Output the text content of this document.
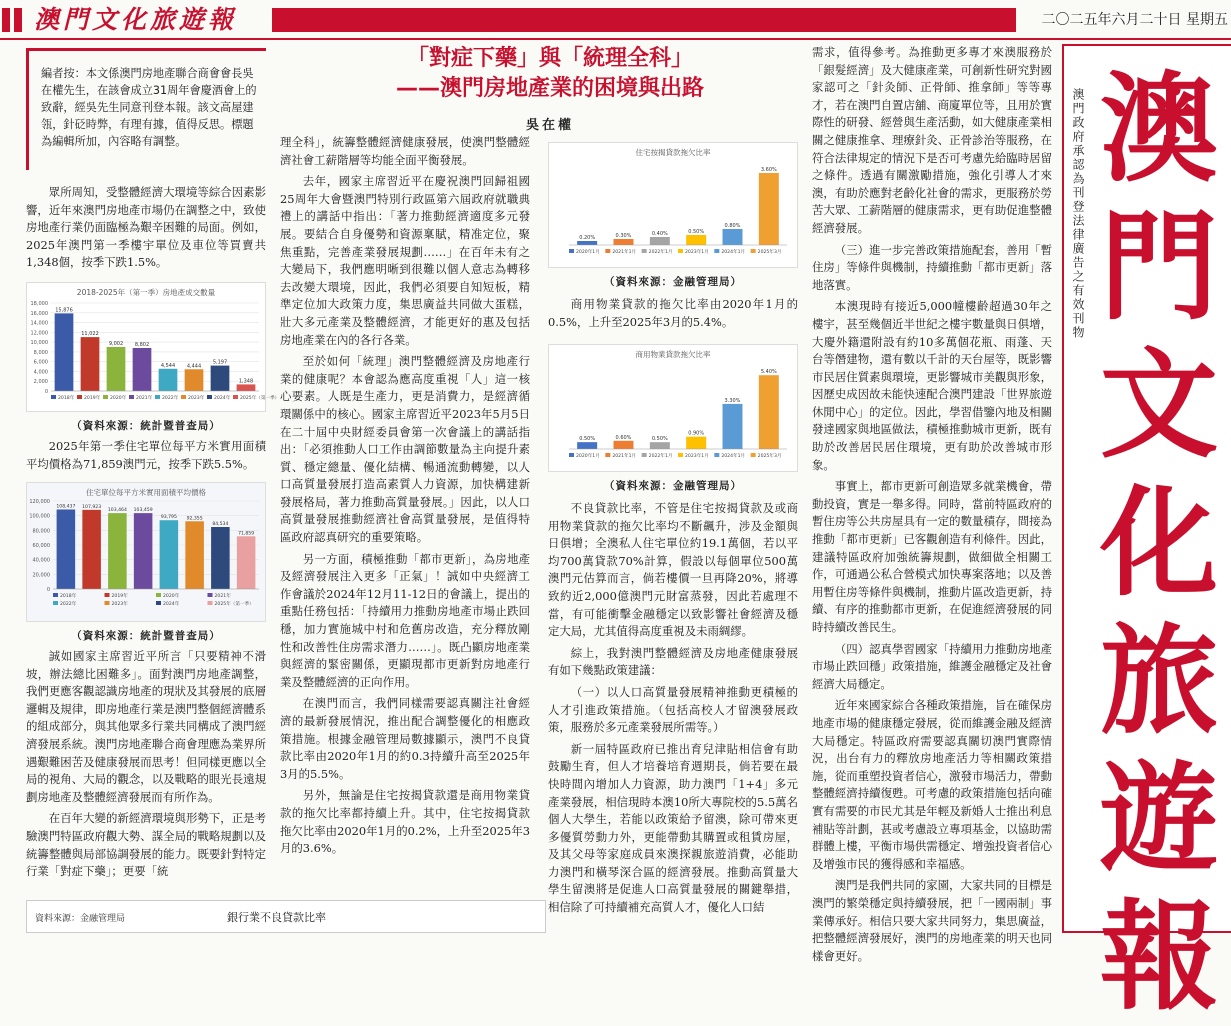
澳門文化旅遊報	二〇二五年六月二十日 星期五
編者按：本文係澳門房地產聯合商會會長吳在權先生，在該會成立31周年會慶酒會上的致辭，經吳先生同意刊登本報。該文高屋建瓴，針砭時弊，有理有據，值得反思。標題為編輯所加，內容略有調整。
「對症下藥」與「統理全科」
——澳門房地產業的困境與出路
吳在權

眾所周知，受整體經濟大環境等綜合因素影響，近年來澳門房地產市場仍在調整之中，致使房地產行業仍面臨極為艱辛困難的局面。例如，2025年澳門第一季樓宇單位及車位等買賣共1,348個，按季下跌1.5%。

2018-2025年（第一季）房地產成交數量
18,000
16,000
14,000
12,000
10,000
8,000
6,000
4,000
2,000
0
15,876
11,022
9,002 8,802
4,544 4,444
5,197
1,348
2018年 2019年 2020年 2021年 2022年 2023年 2024年 2025年（第一季）
（資料來源：統計暨普查局）

2025年第一季住宅單位每平方米實用面積平均價格為71,859澳門元，按季下跌5.5%。

住宅單位每平方米實用面積平均價格
120,000
100,000
80,000
60,000
40,000
20,000
0
108,437 107,923
103,464 103,459
93,795 92,355
84,534
71,859
2018年	2019年	2020年	2021年
2022年	2023年	2024年	2025年（第一季）
（資料來源：統計暨普查局）

誠如國家主席習近平所言「只要精神不滑坡，辦法總比困難多」。面對澳門房地產調整，我們更應客觀認識房地產的現狀及其發展的底層邏輯及規律，即房地產行業是澳門整個經濟體系的組成部分，與其他眾多行業共同構成了澳門經濟發展系統。澳門房地產聯合商會理應為業界所遇艱難困苦及健康發展而思考！但同樣更應以全局的視角、大局的觀念，以及戰略的眼光長遠規劃房地產及整體經濟發展而有所作為。

在百年大變的新經濟環境與形勢下，正是考驗澳門特區政府觀大勢、謀全局的戰略規劃以及統籌整體與局部協調發展的能力。既要針對特定行業「對症下藥」；更要「統

理全科」，統籌整體經濟健康發展，使澳門整體經濟社會工薪階層等均能全面平衡發展。

去年，國家主席習近平在慶祝澳門回歸祖國25周年大會暨澳門特別行政區第六屆政府就職典禮上的講話中指出：「著力推動經濟適度多元發展。要結合自身優勢和資源稟賦，精准定位，聚焦重點，完善產業發展規劃……」在百年未有之大變局下，我們應明晰到很難以個人意志為轉移去改變大環境，因此，我們必須要自知短板，精準定位加大政策力度，集思廣益共同做大蛋糕，壯大多元產業及整體經濟，才能更好的惠及包括房地產業在內的各行各業。

至於如何「統理」澳門整體經濟及房地產行業的健康呢？本會認為應高度重視「人」這一核心要素。人既是生產力，更是消費力，是經濟循環關係中的核心。國家主席習近平2023年5月5日在二十屆中央財經委員會第一次會議上的講話指出：「必須推動人口工作由調節數量為主向提升素質、穩定總量、優化結構、暢通流動轉變，以人口高質量發展打造高素質人力資源，加快構建新發展格局，著力推動高質量發展。」因此，以人口高質量發展推動經濟社會高質量發展，是值得特區政府認真研究的重要策略。

另一方面，積極推動「都市更新」，為房地產及經濟發展注入更多「正氣」！誠如中央經濟工作會議於2024年12月11-12日的會議上，提出的重點任務包括：「持續用力推動房地產市場止跌回穩，加力實施城中村和危舊房改造，充分釋放剛性和改善性住房需求潛力……」。既凸顯房地產業與經濟的緊密關係，更顯現都市更新對房地產行業及整體經濟的正向作用。

在澳門而言，我們同樣需要認真關注社會經濟的最新發展情況，推出配合調整優化的相應政策措施。根據金融管理局數據顯示，澳門不良貸款比率由2020年1月的約0.3持續升高至2025年3月的5.5%。

另外，無論是住宅按揭貸款還是商用物業貸款的拖欠比率都持續上升。其中，住宅按揭貸款拖欠比率由2020年1月的0.2%，上升至2025年3月的3.6%。

住宅按揭貸款拖欠比率
0.20%	0.30%	0.40%	0.50%
0.80%
3.60%
2020年1月	2021年1月	2022年1月	2023年1月	2024年1月	2025年3月
（資料來源：金融管理局）

商用物業貸款的拖欠比率由2020年1月的0.5%，上升至2025年3月的5.4%。

商用物業貸款拖欠比率
0.50%	0.60%	0.50%
0.90%
3.30%
5.40%
2020年1月	2021年1月	2022年1月	2023年1月	2024年1月	2025年3月
（資料來源：金融管理局）

不良貸款比率，不管是住宅按揭貸款及或商用物業貸款的拖欠比率均不斷飆升，涉及金額與日俱增；全澳私人住宅單位約19.1萬個，若以平均700萬貸款70%計算，假設以每個單位500萬澳門元估算而言，倘若樓價一旦再降20%，將導致約近2,000億澳門元財富蒸發，因此若處理不當，有可能衝擊金融穩定以致影響社會經濟及穩定大局，尤其值得高度重視及未雨綢繆。

綜上，我對澳門整體經濟及房地產健康發展有如下幾點政策建議：

（一）以人口高質量發展精神推動更積極的人才引進政策措施。（包括高校人才留澳發展政策，服務於多元產業發展所需等。）

新一屆特區政府已推出育兒津貼相信會有助鼓勵生育，但人才培養培育週期長，倘若要在最快時間內增加人力資源，助力澳門「1+4」多元產業發展，相信現時本澳10所大專院校的5.5萬名個人大學生，若能以政策給予留澳，除可帶來更多優質勞動力外，更能帶動其購置或租賃房屋，及其父母等家庭成員來澳探親旅遊消費，必能助力澳門和橫琴深合區的經濟發展。推動高質量大學生留澳將是促進人口高質量發展的關鍵舉措，相信除了可持續補充高質人才，優化人口結

需求，值得參考。為推動更多專才來澳服務於「銀髮經濟」及大健康產業，可創新性研究對國家認可之「針灸師、正骨師、推拿師」等等專才，若在澳門自置店舖、商廈單位等，且用於實際性的研發、經營與生產活動，如大健康產業相關之健康推拿、理療針灸、正骨診治等服務，在符合法律規定的情況下是否可考慮先給臨時居留之條件。透過有關激勵措施，強化引導人才來澳，有助於應對老齡化社會的需求，更服務於勞苦大眾、工薪階層的健康需求，更有助促進整體經濟發展。

（三）進一步完善政策措施配套，善用「暫住房」等條件與機制，持續推動「都市更新」落地落實。

本澳現時有接近5,000幢樓齡超過30年之樓宇，甚至幾個近半世紀之樓宇數量與日俱增，大慶外籍還附設有約10多萬個花瓶、雨蓬、天台等僭建物，還有數以千計的天台屋等，既影響市民居住質素與環境，更影響城市美觀與形象，因歷史成因故未能快速配合澳門建設「世界旅遊休閒中心」的定位。因此，學習借鑒內地及相關發達國家與地區做法，積極推動城市更新，既有助於改善居民居住環境，更有助於改善城市形象。

事實上，都市更新可創造眾多就業機會，帶動投資，實是一舉多得。同時，當前特區政府的暫住房等公共房屋具有一定的數量積存，間接為推動「都市更新」已客觀創造有利條件。因此，建議特區政府加強統籌規劃，做細做全相關工作，可通過公私合營模式加快專案落地；以及善用暫住房等條件與機制，推動片區改造更新，持續、有序的推動都市更新，在促進經濟發展的同時持續改善民生。

（四）認真學習國家「持續用力推動房地產市場止跌回穩」政策措施，維護金融穩定及社會經濟大局穩定。

近年來國家綜合各種政策措施，旨在確保房地產市場的健康穩定發展，從而維護金融及經濟大局穩定。特區政府需要認真關切澳門實際情況，出台有力的釋放房地產活力等相關政策措施，從而重塑投資者信心，激發市場活力，帶動整體經濟持續復甦。可考慮的政策措施包括向確實有需要的市民尤其是年輕及新婚人士推出利息補貼等計劃，甚或考慮設立專項基金，以協助需群體上樓，平衡市場供需穩定、增強投資者信心及增強市民的獲得感和幸福感。

澳門是我們共同的家園，大家共同的目標是澳門的繁榮穩定與持續發展，把「一國兩制」事業傳承好。相信只要大家共同努力，集思廣益，把整體經濟發展好，澳門的房地產業的明天也同樣會更好。

澳門政府承認為刊登法律廣告之有效刊物 澳
門
文
化
旅
遊
報
資料來源：金融管理局	銀行業不良貸款比率
